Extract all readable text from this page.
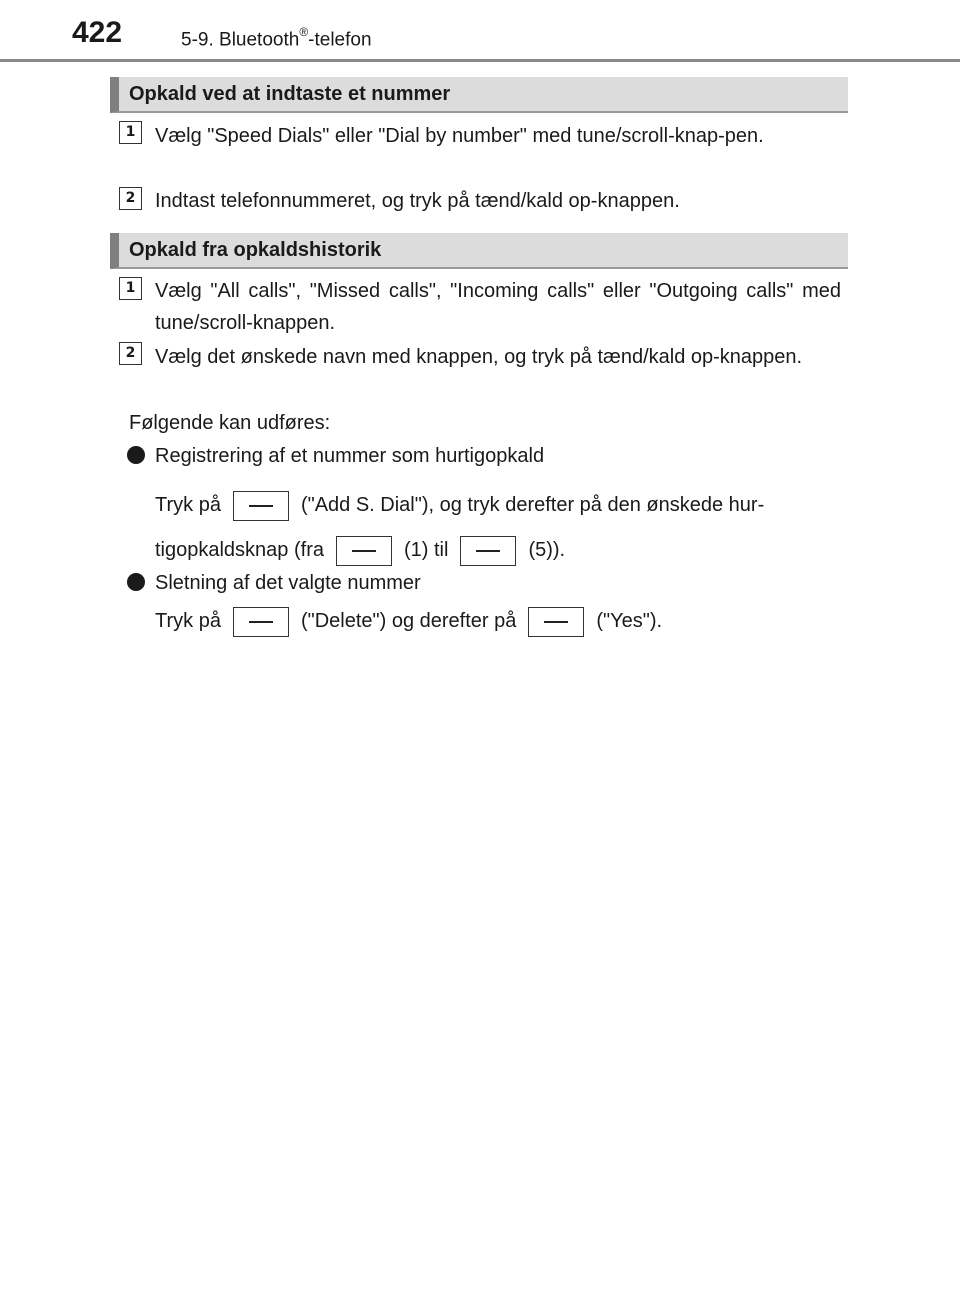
422	5-9. Bluetooth®-telefon
Opkald ved at indtaste et nummer
1 Vælg "Speed Dials" eller "Dial by number" med tune/scroll-knap-pen.
2 Indtast telefonnummeret, og tryk på tænd/kald op-knappen.
Opkald fra opkaldshistorik
1 Vælg "All calls", "Missed calls", "Incoming calls" eller "Outgoing calls" med tune/scroll-knappen.
2 Vælg det ønskede navn med knappen, og tryk på tænd/kald op-knappen.
Følgende kan udføres:
Registrering af et nummer som hurtigopkald
Tryk på	("Add S. Dial"), og tryk derefter på den ønskede hur-
tigopkaldsknap (fra	(1) til	(5)).
Sletning af det valgte nummer
Tryk på	("Delete") og derefter på	("Yes").
